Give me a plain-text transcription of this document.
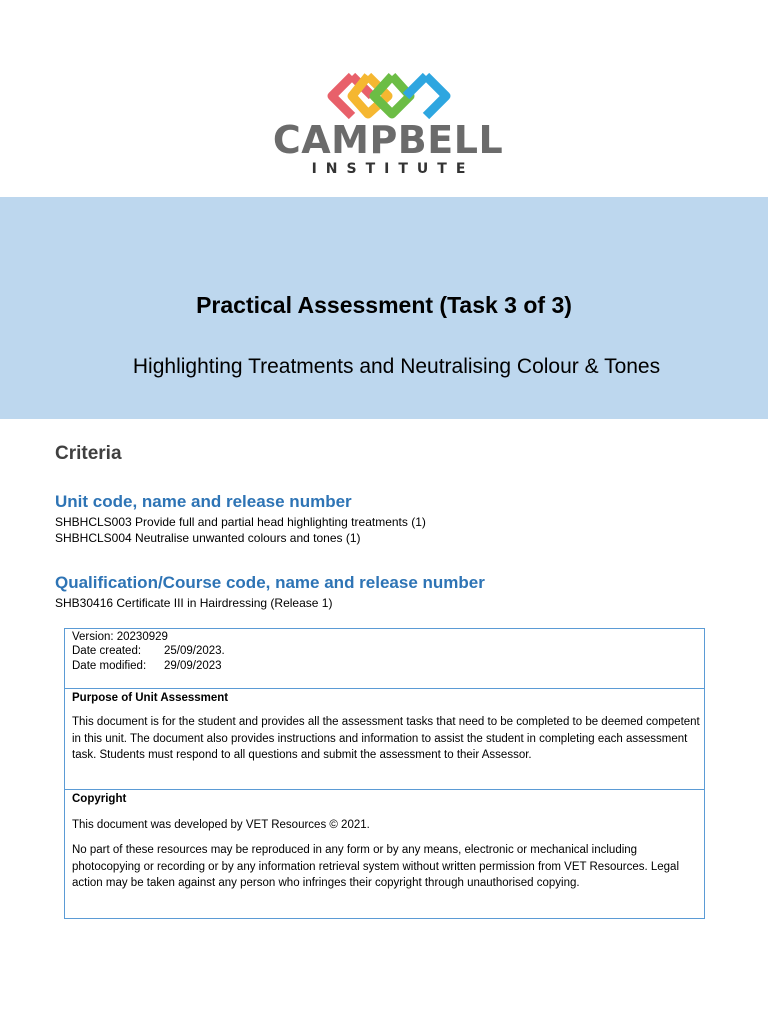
CAMPBELL
INSTITUTE
Practical Assessment (Task 3 of 3)
Highlighting Treatments and Neutralising Colour & Tones
Criteria
Unit code, name and release number
SHBHCLS003 Provide full and partial head highlighting treatments (1)
SHBHCLS004 Neutralise unwanted colours and tones (1)
Qualification/Course code, name and release number
SHB30416 Certificate III in Hairdressing (Release 1)
Version: 20230929
Date created: 25/09/2023.
Date modified: 29/09/2023
Purpose of Unit Assessment
This document is for the student and provides all the assessment tasks that need to be completed to be deemed competent in this unit. The document also provides instructions and information to assist the student in completing each assessment task. Students must respond to all questions and submit the assessment to their Assessor.
Copyright
This document was developed by VET Resources © 2021.
No part of these resources may be reproduced in any form or by any means, electronic or mechanical including photocopying or recording or by any information retrieval system without written permission from VET Resources. Legal action may be taken against any person who infringes their copyright through unauthorised copying.
